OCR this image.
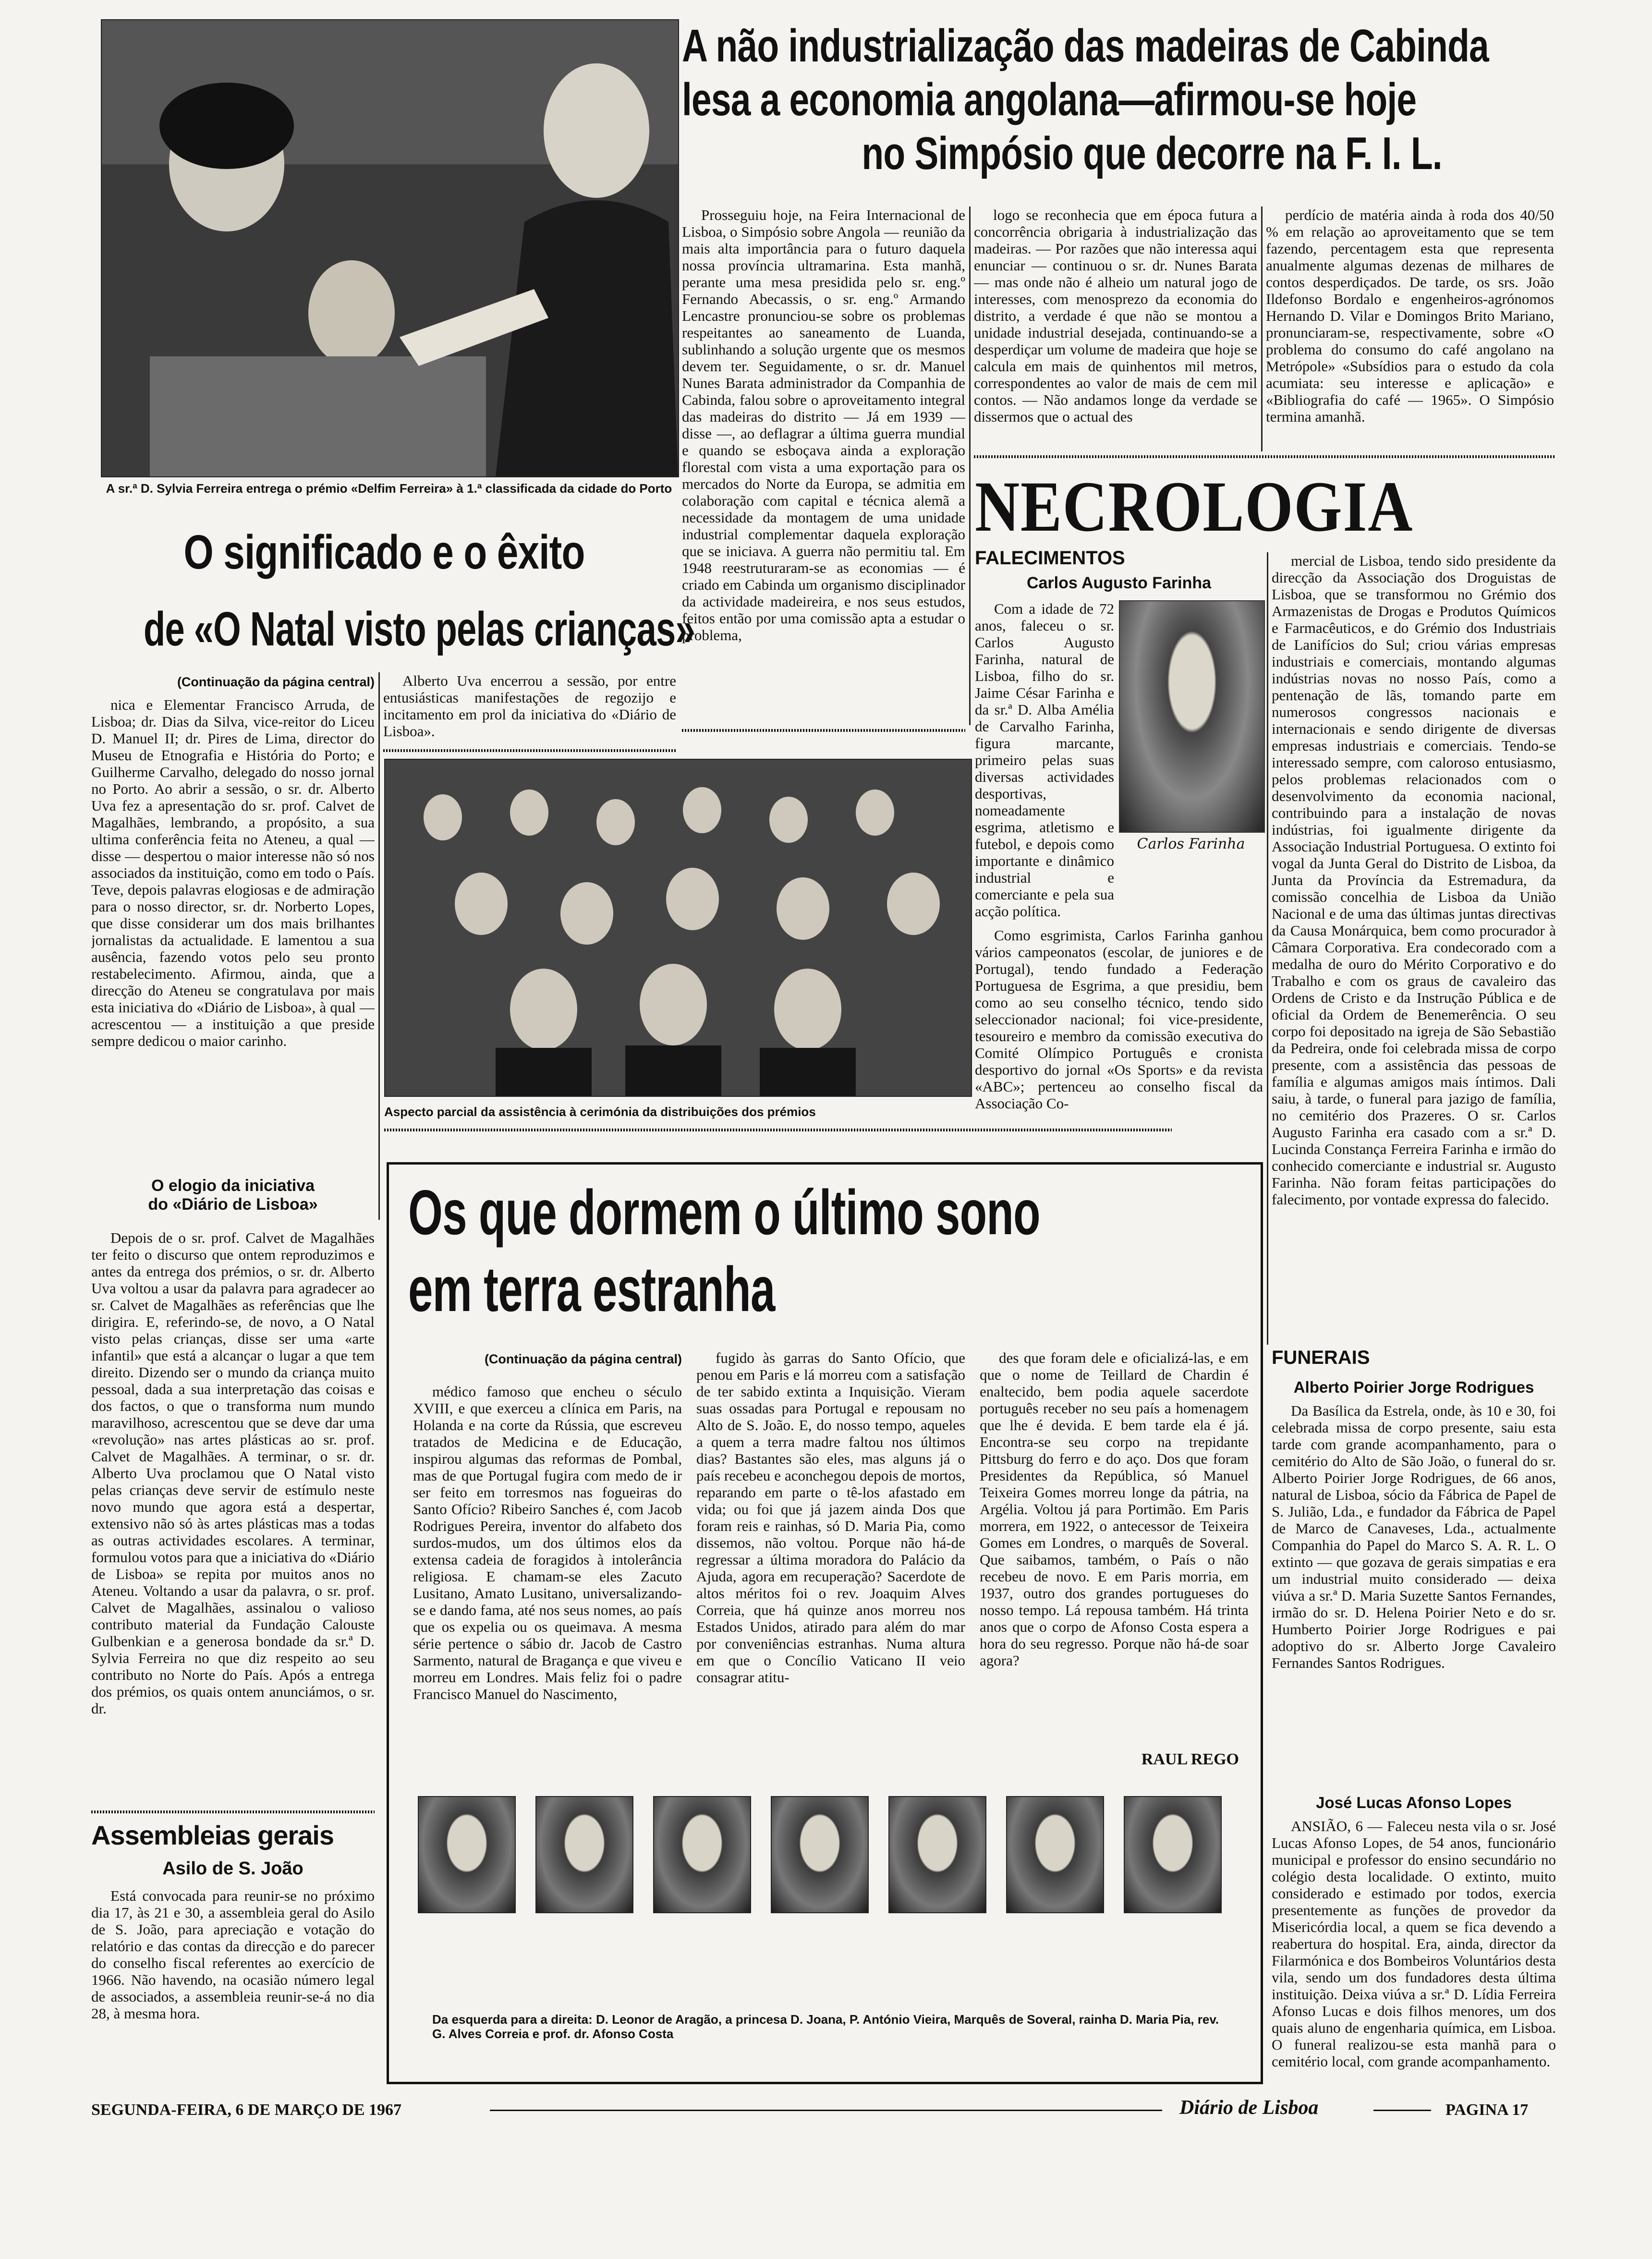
A sr.ª D. Sylvia Ferreira entrega o prémio «Delfim Ferreira» à 1.ª classificada da cidade do Porto
A não industrialização das madeiras de Cabinda
lesa a economia angolana—afirmou-se hoje
no Simpósio que decorre na F. I. L.

Prosseguiu hoje, na Feira Internacional de Lisboa, o Simpósio sobre Angola — reunião da mais alta importância para o futuro daquela nossa província ultramarina. Esta manhã, perante uma mesa presidida pelo sr. eng.º Fernando Abecassis, o sr. eng.º Armando Lencastre pronunciou-se sobre os problemas respeitantes ao saneamento de Luanda, sublinhando a solução urgente que os mesmos devem ter. Seguidamente, o sr. dr. Manuel Nunes Barata administrador da Companhia de Cabinda, falou sobre o aproveitamento integral das madeiras do distrito — Já em 1939 — disse —, ao deflagrar a última guerra mundial e quando se esboçava ainda a exploração florestal com vista a uma exportação para os mercados do Norte da Europa, se admitia em colaboração com capital e técnica alemã a necessidade da montagem de uma unidade industrial complementar daquela exploração que se iniciava. A guerra não permitiu tal. Em 1948 reestruturaram-se as economias — é criado em Cabinda um organismo disciplinador da actividade madeireira, e nos seus estudos, feitos então por uma comissão apta a estudar o problema,

logo se reconhecia que em época futura a concorrência obrigaria à industrialização das madeiras. — Por razões que não interessa aqui enunciar — continuou o sr. dr. Nunes Barata — mas onde não é alheio um natural jogo de interesses, com menosprezo da economia do distrito, a verdade é que não se montou a unidade industrial desejada, continuando-se a desperdiçar um volume de madeira que hoje se calcula em mais de quinhentos mil metros, correspondentes ao valor de mais de cem mil contos. — Não andamos longe da verdade se dissermos que o actual des

perdício de matéria ainda à roda dos 40/50 % em relação ao aproveitamento que se tem fazendo, percentagem esta que representa anualmente algumas dezenas de milhares de contos desperdiçados. De tarde, os srs. João Ildefonso Bordalo e engenheiros-agrónomos Hernando D. Vilar e Domingos Brito Mariano, pronunciaram-se, respectivamente, sobre «O problema do consumo do café angolano na Metrópole» «Subsídios para o estudo da cola acumiata: seu interesse e aplicação» e «Bibliografia do café — 1965». O Simpósio termina amanhã.

O significado e o êxito
de «O Natal visto pelas crianças»
(Continuação da página central)

nica e Elementar Francisco Arruda, de Lisboa; dr. Dias da Silva, vice-reitor do Liceu D. Manuel II; dr. Pires de Lima, director do Museu de Etnografia e História do Porto; e Guilherme Carvalho, delegado do nosso jornal no Porto. Ao abrir a sessão, o sr. dr. Alberto Uva fez a apresentação do sr. prof. Calvet de Magalhães, lembrando, a propósito, a sua ultima conferência feita no Ateneu, a qual — disse — despertou o maior interesse não só nos associados da instituição, como em todo o País. Teve, depois palavras elogiosas e de admiração para o nosso director, sr. dr. Norberto Lopes, que disse considerar um dos mais brilhantes jornalistas da actualidade. E lamentou a sua ausência, fazendo votos pelo seu pronto restabelecimento. Afirmou, ainda, que a direcção do Ateneu se congratulava por mais esta iniciativa do «Diário de Lisboa», à qual — acrescentou — a instituição a que preside sempre dedicou o maior carinho.

Alberto Uva encerrou a sessão, por entre entusiásticas manifestações de regozijo e incitamento em prol da iniciativa do «Diário de Lisboa».

Aspecto parcial da assistência à cerimónia da distribuições dos prémios
O elogio da iniciativa
do «Diário de Lisboa»

Depois de o sr. prof. Calvet de Magalhães ter feito o discurso que ontem reproduzimos e antes da entrega dos prémios, o sr. dr. Alberto Uva voltou a usar da palavra para agradecer ao sr. Calvet de Magalhães as referências que lhe dirigira. E, referindo-se, de novo, a O Natal visto pelas crianças, disse ser uma «arte infantil» que está a alcançar o lugar a que tem direito. Dizendo ser o mundo da criança muito pessoal, dada a sua interpretação das coisas e dos factos, o que o transforma num mundo maravilhoso, acrescentou que se deve dar uma «revolução» nas artes plásticas ao sr. prof. Calvet de Magalhães. A terminar, o sr. dr. Alberto Uva proclamou que O Natal visto pelas crianças deve servir de estímulo neste novo mundo que agora está a despertar, extensivo não só às artes plásticas mas a todas as outras actividades escolares. A terminar, formulou votos para que a iniciativa do «Diário de Lisboa» se repita por muitos anos no Ateneu. Voltando a usar da palavra, o sr. prof. Calvet de Magalhães, assinalou o valioso contributo material da Fundação Calouste Gulbenkian e a generosa bondade da sr.ª D. Sylvia Ferreira no que diz respeito ao seu contributo no Norte do País. Após a entrega dos prémios, os quais ontem anunciámos, o sr. dr.

Assembleias gerais
Asilo de S. João

Está convocada para reunir-se no próximo dia 17, às 21 e 30, a assembleia geral do Asilo de S. João, para apreciação e votação do relatório e das contas da direcção e do parecer do conselho fiscal referentes ao exercício de 1966. Não havendo, na ocasião número legal de associados, a assembleia reunir-se-á no dia 28, à mesma hora.

NECROLOGIA
FALECIMENTOS
Carlos Augusto Farinha
Carlos Farinha

Com a idade de 72 anos, faleceu o sr. Carlos Augusto Farinha, natural de Lisboa, filho do sr. Jaime César Farinha e da sr.ª D. Alba Amélia de Carvalho Farinha, figura marcante, primeiro pelas suas diversas actividades desportivas, nomeadamente esgrima, atletismo e futebol, e depois como importante e dinâmico industrial e comerciante e pela sua acção política.

Como esgrimista, Carlos Farinha ganhou vários campeonatos (escolar, de juniores e de Portugal), tendo fundado a Federação Portuguesa de Esgrima, a que presidiu, bem como ao seu conselho técnico, tendo sido seleccionador nacional; foi vice-presidente, tesoureiro e membro da comissão executiva do Comité Olímpico Português e cronista desportivo do jornal «Os Sports» e da revista «ABC»; pertenceu ao conselho fiscal da Associação Co-

mercial de Lisboa, tendo sido presidente da direcção da Associação dos Droguistas de Lisboa, que se transformou no Grémio dos Armazenistas de Drogas e Produtos Químicos e Farmacêuticos, e do Grémio dos Industriais de Lanifícios do Sul; criou várias empresas industriais e comerciais, montando algumas indústrias novas no nosso País, como a pentenação de lãs, tomando parte em numerosos congressos nacionais e internacionais e sendo dirigente de diversas empresas industriais e comerciais. Tendo-se interessado sempre, com caloroso entusiasmo, pelos problemas relacionados com o desenvolvimento da economia nacional, contribuindo para a instalação de novas indústrias, foi igualmente dirigente da Associação Industrial Portuguesa. O extinto foi vogal da Junta Geral do Distrito de Lisboa, da Junta da Província da Estremadura, da comissão concelhia de Lisboa da União Nacional e de uma das últimas juntas directivas da Causa Monárquica, bem como procurador à Câmara Corporativa. Era condecorado com a medalha de ouro do Mérito Corporativo e do Trabalho e com os graus de cavaleiro das Ordens de Cristo e da Instrução Pública e de oficial da Ordem de Benemerência. O seu corpo foi depositado na igreja de São Sebastião da Pedreira, onde foi celebrada missa de corpo presente, com a assistência das pessoas de família e algumas amigos mais íntimos. Dali saiu, à tarde, o funeral para jazigo de família, no cemitério dos Prazeres. O sr. Carlos Augusto Farinha era casado com a sr.ª D. Lucinda Constança Ferreira Farinha e irmão do conhecido comerciante e industrial sr. Augusto Farinha. Não foram feitas participações do falecimento, por vontade expressa do falecido.

FUNERAIS
Alberto Poirier Jorge Rodrigues

Da Basílica da Estrela, onde, às 10 e 30, foi celebrada missa de corpo presente, saiu esta tarde com grande acompanhamento, para o cemitério do Alto de São João, o funeral do sr. Alberto Poirier Jorge Rodrigues, de 66 anos, natural de Lisboa, sócio da Fábrica de Papel de S. Julião, Lda., e fundador da Fábrica de Papel de Marco de Canaveses, Lda., actualmente Companhia do Papel do Marco S. A. R. L. O extinto — que gozava de gerais simpatias e era um industrial muito considerado — deixa viúva a sr.ª D. Maria Suzette Santos Fernandes, irmão do sr. D. Helena Poirier Neto e do sr. Humberto Poirier Jorge Rodrigues e pai adoptivo do sr. Alberto Jorge Cavaleiro Fernandes Santos Rodrigues.

José Lucas Afonso Lopes

ANSIÃO, 6 — Faleceu nesta vila o sr. José Lucas Afonso Lopes, de 54 anos, funcionário municipal e professor do ensino secundário no colégio desta localidade. O extinto, muito considerado e estimado por todos, exercia presentemente as funções de provedor da Misericórdia local, a quem se fica devendo a reabertura do hospital. Era, ainda, director da Filarmónica e dos Bombeiros Voluntários desta vila, sendo um dos fundadores desta última instituição. Deixa viúva a sr.ª D. Lídia Ferreira Afonso Lucas e dois filhos menores, um dos quais aluno de engenharia química, em Lisboa. O funeral realizou-se esta manhã para o cemitério local, com grande acompanhamento.

Os que dormem o último sono
em terra estranha
(Continuação da página central)

médico famoso que encheu o século XVIII, e que exerceu a clínica em Paris, na Holanda e na corte da Rússia, que escreveu tratados de Medicina e de Educação, inspirou algumas das reformas de Pombal, mas de que Portugal fugira com medo de ir ser feito em torresmos nas fogueiras do Santo Ofício? Ribeiro Sanches é, com Jacob Rodrigues Pereira, inventor do alfabeto dos surdos-mudos, um dos últimos elos da extensa cadeia de foragidos à intolerância religiosa. E chamam-se eles Zacuto Lusitano, Amato Lusitano, universalizando-se e dando fama, até nos seus nomes, ao país que os expelia ou os queimava. A mesma série pertence o sábio dr. Jacob de Castro Sarmento, natural de Bragança e que viveu e morreu em Londres. Mais feliz foi o padre Francisco Manuel do Nascimento,

fugido às garras do Santo Ofício, que penou em Paris e lá morreu com a satisfação de ter sabido extinta a Inquisição. Vieram suas ossadas para Portugal e repousam no Alto de S. João. E, do nosso tempo, aqueles a quem a terra madre faltou nos últimos dias? Bastantes são eles, mas alguns já o país recebeu e aconchegou depois de mortos, reparando em parte o tê-los afastado em vida; ou foi que já jazem ainda Dos que foram reis e rainhas, só D. Maria Pia, como dissemos, não voltou. Porque não há-de regressar a última moradora do Palácio da Ajuda, agora em recuperação? Sacerdote de altos méritos foi o rev. Joaquim Alves Correia, que há quinze anos morreu nos Estados Unidos, atirado para além do mar por conveniências estranhas. Numa altura em que o Concílio Vaticano II veio consagrar atitu-

des que foram dele e oficializá-las, e em que o nome de Teillard de Chardin é enaltecido, bem podia aquele sacerdote português receber no seu país a homenagem que lhe é devida. E bem tarde ela é já. Encontra-se seu corpo na trepidante Pittsburg do ferro e do aço. Dos que foram Presidentes da República, só Manuel Teixeira Gomes morreu longe da pátria, na Argélia. Voltou já para Portimão. Em Paris morrera, em 1922, o antecessor de Teixeira Gomes em Londres, o marquês de Soveral. Que saibamos, também, o País o não recebeu de novo. E em Paris morria, em 1937, outro dos grandes portugueses do nosso tempo. Lá repousa também. Há trinta anos que o corpo de Afonso Costa espera a hora do seu regresso. Porque não há-de soar agora?

RAUL REGO
Da esquerda para a direita: D. Leonor de Aragão, a princesa D. Joana, P. António Vieira, Marquês de Soveral, rainha D. Maria Pia, rev. G. Alves Correia e prof. dr. Afonso Costa
SEGUNDA-FEIRA, 6 DE MARÇO DE 1967	Diário de Lisboa	PAGINA 17
